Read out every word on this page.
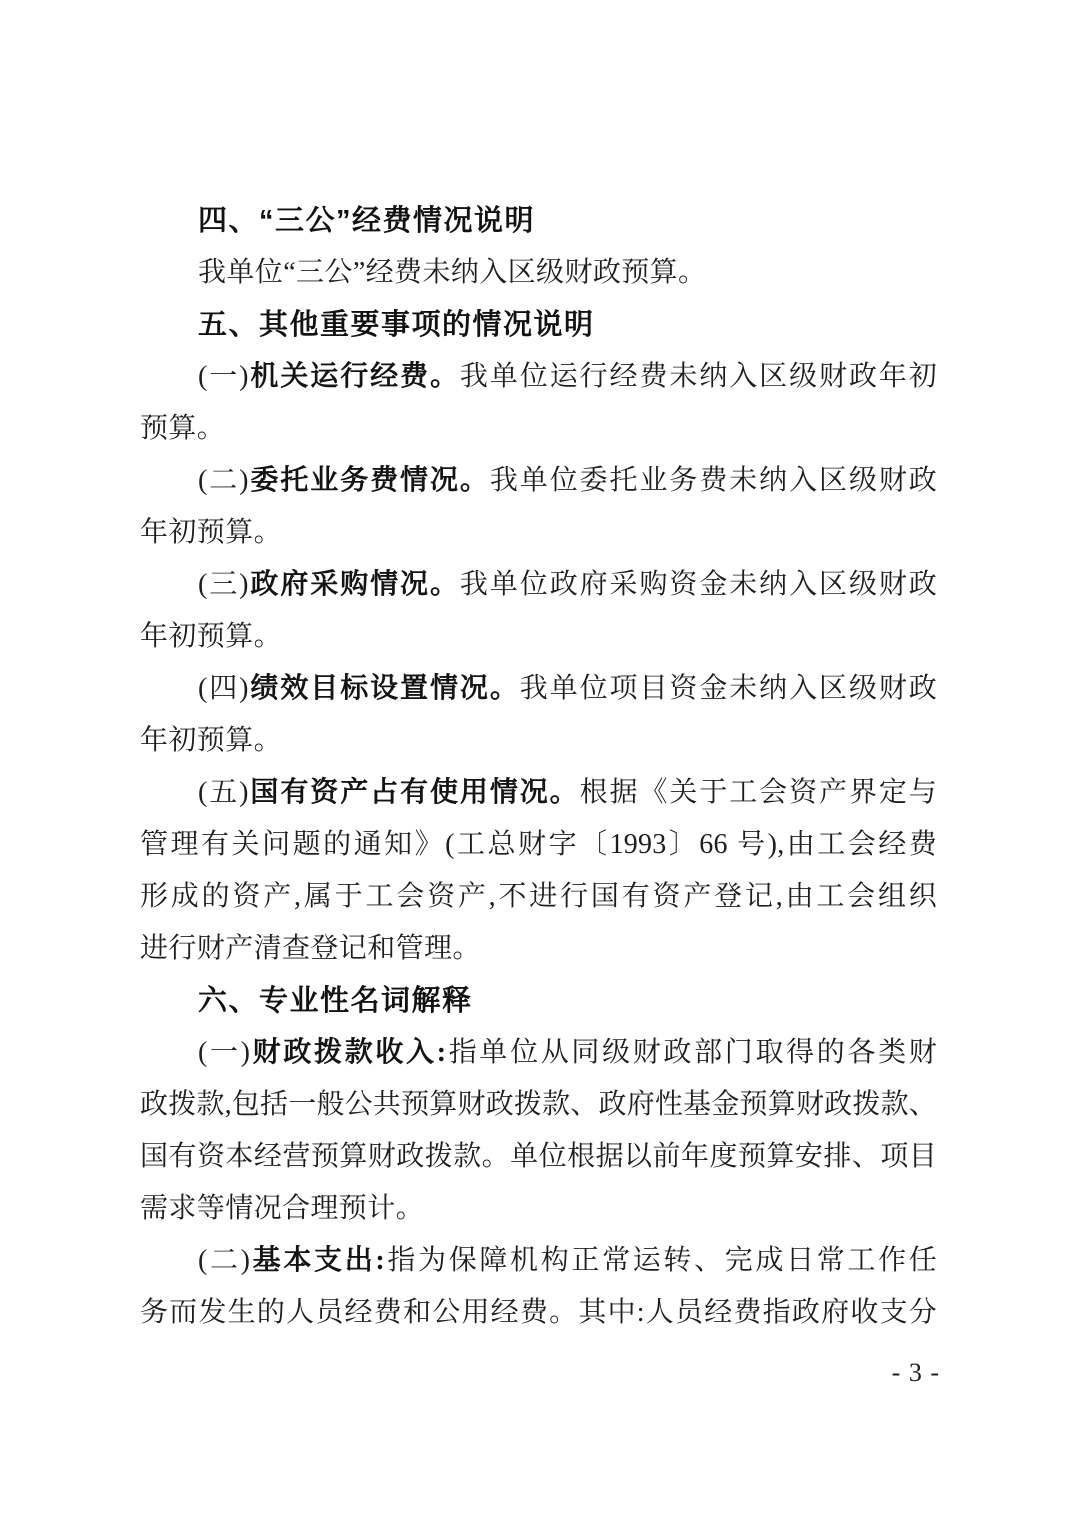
四、“三公”经费情况说明
我单位“三公”经费未纳入区级财政预算。
五、其他重要事项的情况说明
(一)机关运行经费。我单位运行经费未纳入区级财政年初
预算。
(二)委托业务费情况。我单位委托业务费未纳入区级财政
年初预算。
(三)政府采购情况。我单位政府采购资金未纳入区级财政
年初预算。
(四)绩效目标设置情况。我单位项目资金未纳入区级财政
年初预算。
(五)国有资产占有使用情况。根据《关于工会资产界定与
管理有关问题的通知》(工总财字〔1993〕66 号),由工会经费
形成的资产,属于工会资产,不进行国有资产登记,由工会组织
进行财产清查登记和管理。
六、专业性名词解释
(一)财政拨款收入:指单位从同级财政部门取得的各类财
政拨款,包括一般公共预算财政拨款、政府性基金预算财政拨款、
国有资本经营预算财政拨款。单位根据以前年度预算安排、项目
需求等情况合理预计。
(二)基本支出:指为保障机构正常运转、完成日常工作任
务而发生的人员经费和公用经费。其中:人员经费指政府收支分
- 3 -
